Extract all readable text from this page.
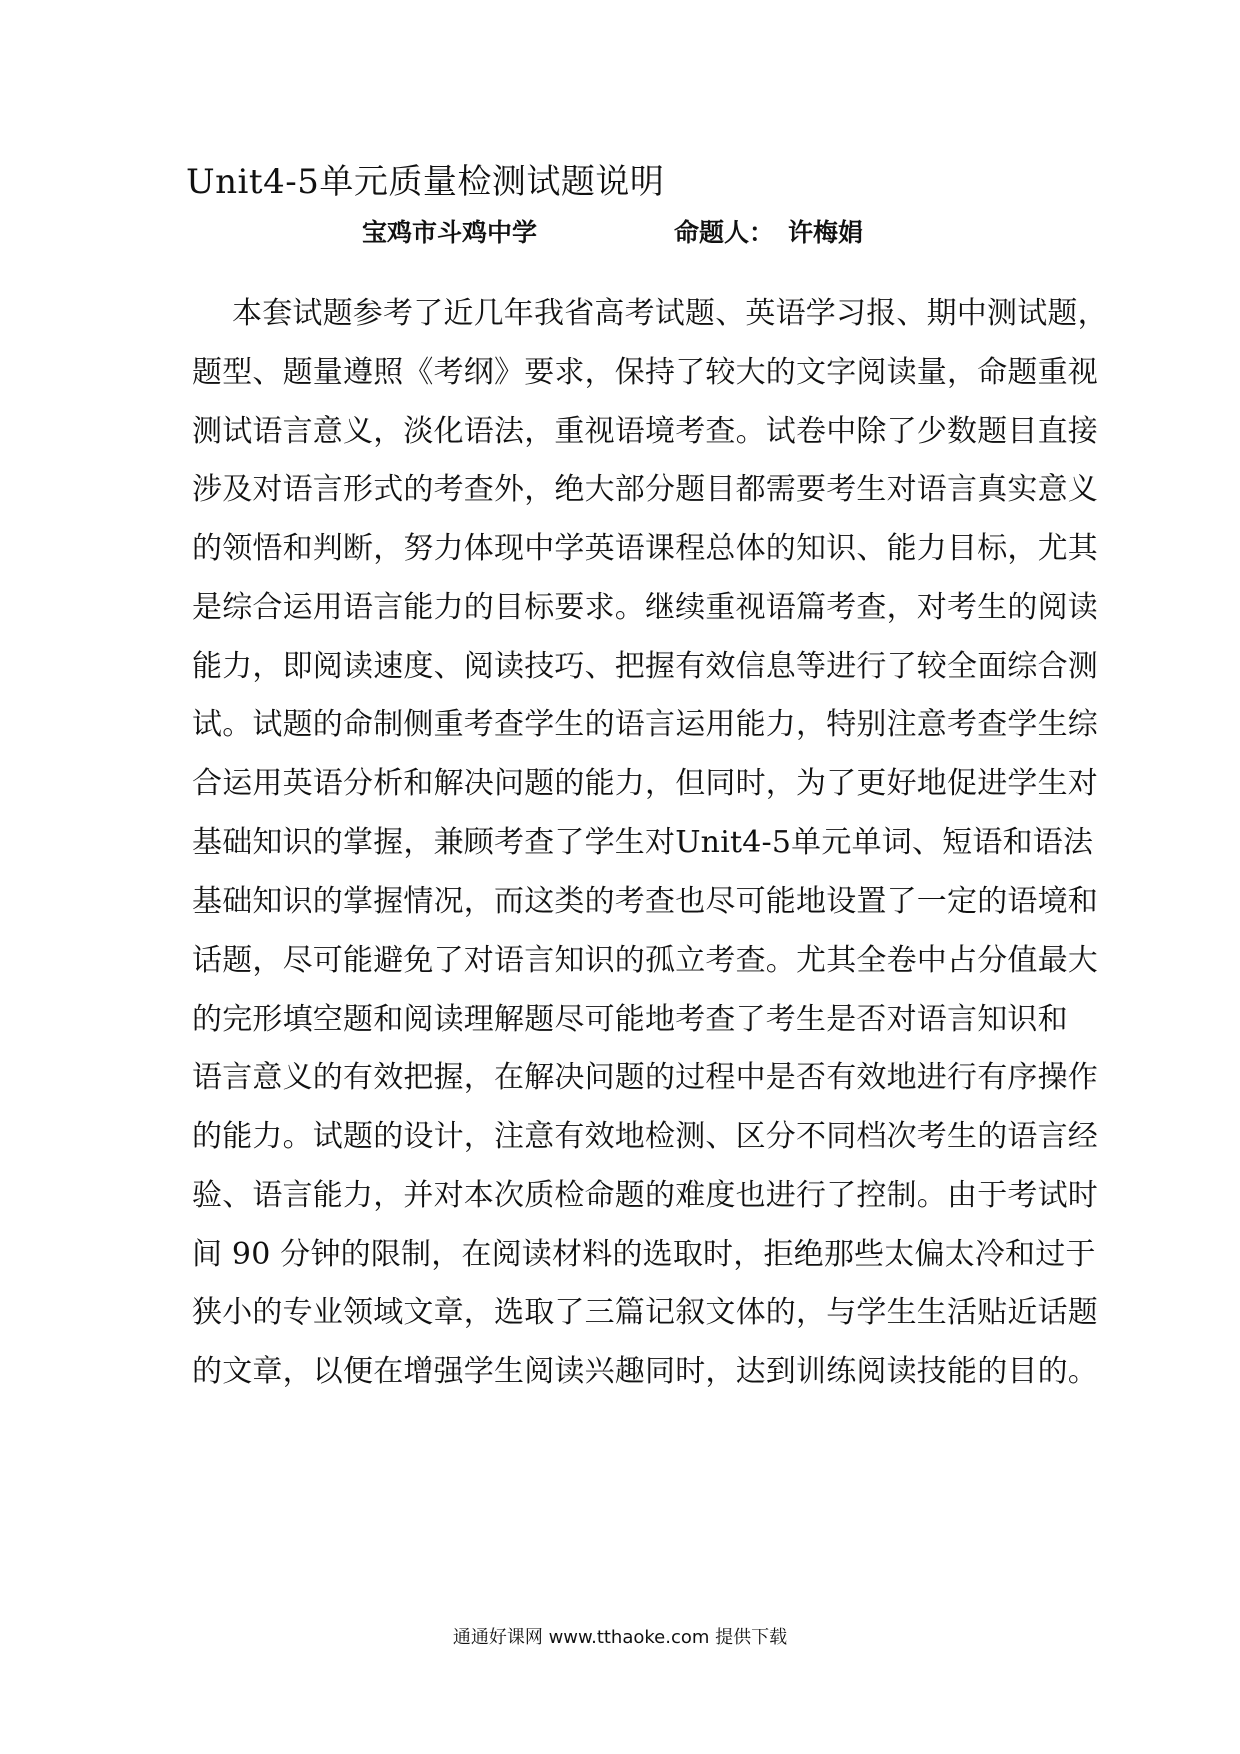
Unit4-5单元质量检测试题说明
宝鸡市斗鸡中学	命题人： 许梅娟
本套试题参考了近几年我省高考试题、英语学习报、期中测试题，
题型、题量遵照《考纲》要求，保持了较大的文字阅读量，命题重视
测试语言意义，淡化语法，重视语境考查。试卷中除了少数题目直接
涉及对语言形式的考查外，绝大部分题目都需要考生对语言真实意义
的领悟和判断，努力体现中学英语课程总体的知识、能力目标，尤其
是综合运用语言能力的目标要求。继续重视语篇考查，对考生的阅读
能力，即阅读速度、阅读技巧、把握有效信息等进行了较全面综合测
试。试题的命制侧重考查学生的语言运用能力，特别注意考查学生综
合运用英语分析和解决问题的能力，但同时，为了更好地促进学生对
基础知识的掌握，兼顾考查了学生对Unit4-5单元单词、短语和语法
基础知识的掌握情况，而这类的考查也尽可能地设置了一定的语境和
话题，尽可能避免了对语言知识的孤立考查。尤其全卷中占分值最大
的完形填空题和阅读理解题尽可能地考查了考生是否对语言知识和
语言意义的有效把握，在解决问题的过程中是否有效地进行有序操作
的能力。试题的设计，注意有效地检测、区分不同档次考生的语言经
验、语言能力，并对本次质检命题的难度也进行了控制。由于考试时
间 90 分钟的限制，在阅读材料的选取时，拒绝那些太偏太冷和过于
狭小的专业领域文章，选取了三篇记叙文体的，与学生生活贴近话题
的文章，以便在增强学生阅读兴趣同时，达到训练阅读技能的目的。
通通好课网 www.tthaoke.com 提供下载
